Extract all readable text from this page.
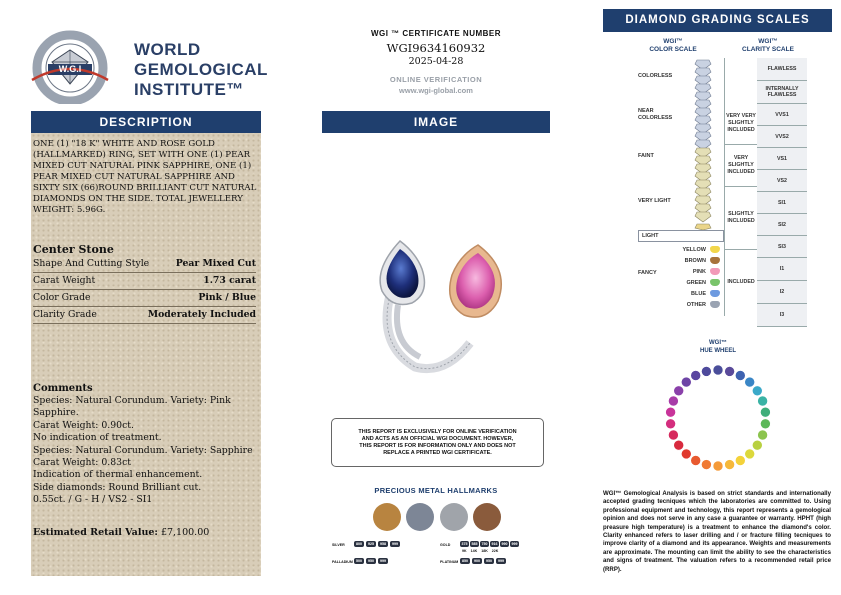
W.G.I
WORLD
GEMOLOGICAL
INSTITUTE™
DESCRIPTION
ONE (1) "18 K" WHITE AND ROSE GOLD (HALLMARKED) RING, SET WITH ONE (1) PEAR MIXED CUT NATURAL PINK SAPPHIRE, ONE (1) PEAR MIXED CUT NATURAL SAPPHIRE AND SIXTY SIX (66)ROUND BRILLIANT CUT NATURAL DIAMONDS ON THE SIDE. TOTAL JEWELLERY WEIGHT: 5.96G.
Center Stone
Shape And Cutting Style	Pear Mixed Cut
Carat Weight	1.73 carat
Color Grade	Pink / Blue
Clarity Grade	Moderately Included
Comments
Species: Natural Corundum. Variety: Pink
Sapphire.
Carat Weight: 0.90ct.
No indication of treatment.
Species: Natural Corundum. Variety: Sapphire
Carat Weight: 0.83ct
Indication of thermal enhancement.
Side diamonds: Round Brilliant cut.
0.55ct. / G - H / VS2 - SI1
Estimated Retail Value: £7,100.00
WGI ™ CERTIFICATE NUMBER
WGI9634160932
2025-04-28
ONLINE VERIFICATION
www.wgi-global.com
IMAGE
THIS REPORT IS EXCLUSIVELY FOR ONLINE VERIFICATION AND ACTS AS AN OFFICIAL WGI DOCUMENT. HOWEVER, THIS REPORT IS FOR INFORMATION ONLY AND DOES NOT REPLACE A PRINTED WGI CERTIFICATE.
PRECIOUS METAL HALLMARKS
SILVER	800	925	958	999
PALLADIUM 500	950	999
GOLD	375	585	750	916	990	999
9K 14K 18K 22K
PLATINUM	850	900	950	999
DIAMOND GRADING SCALES
WGI™
COLOR SCALE
WGI™
CLARITY SCALE
COLORLESS
NEAR COLORLESS
FAINT
VERY LIGHT
LIGHT
FANCY
YELLOW
BROWN
PINK
GREEN
BLUE
OTHER
FLAWLESS
INTERNALLY FLAWLESS
VVS1
VVS2
VS1
VS2
SI1
SI2
SI3
I1
I2
I3
VERY VERY SLIGHTLY INCLUDED
VERY SLIGHTLY INCLUDED
SLIGHTLY INCLUDED
INCLUDED
WGI™
HUE WHEEL
WGI™ Gemological Analysis is based on strict standards and internationally accepted grading tecniques which the laboratories are committed to. Using professional equipment and technology, this report represents a gemological opinion and does not serve in any case a guarantee or warranty. HPHT (high preasure high temperature) is a treatment to enhance the diamond's color. Clarity enhanced refers to laser drilling and / or fracture filling tecniques to improve clarity of a diamond and its appearance. Weights and measurements are approximate. The mounting can limit the ability to see the characteristics and signs of treatment. The valuation refers to a recommended retail price (RRP).
